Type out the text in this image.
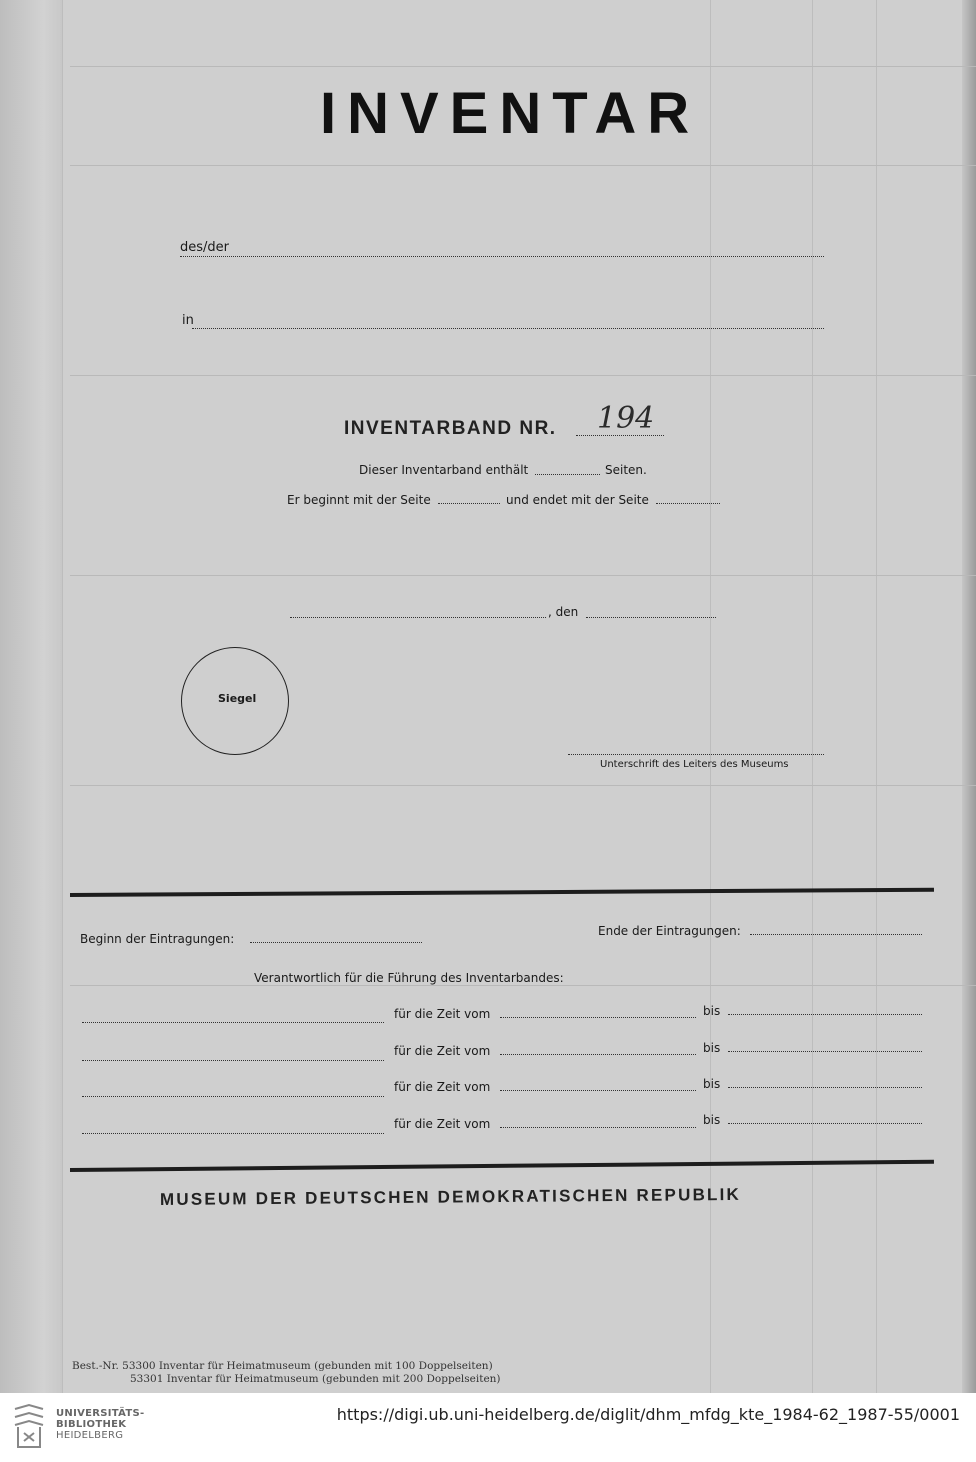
INVENTAR
des/der
in
INVENTARBAND NR. 194
Dieser Inventarband enthält	Seiten.
Er beginnt mit der Seite	und endet mit der Seite
, den
Siegel
Unterschrift des Leiters des Museums
Beginn der Eintragungen:
Ende der Eintragungen:
Verantwortlich für die Führung des Inventarbandes:
für die Zeit vom	bis
für die Zeit vom	bis
für die Zeit vom	bis
für die Zeit vom	bis
MUSEUM DER DEUTSCHEN DEMOKRATISCHEN REPUBLIK
Best.-Nr. 53300 Inventar für Heimatmuseum (gebunden mit 100 Doppelseiten)
53301 Inventar für Heimatmuseum (gebunden mit 200 Doppelseiten)
UNIVERSITÄTS-
BIBLIOTHEK
HEIDELBERG
https://digi.ub.uni-heidelberg.de/diglit/dhm_mfdg_kte_1984-62_1987-55/0001
